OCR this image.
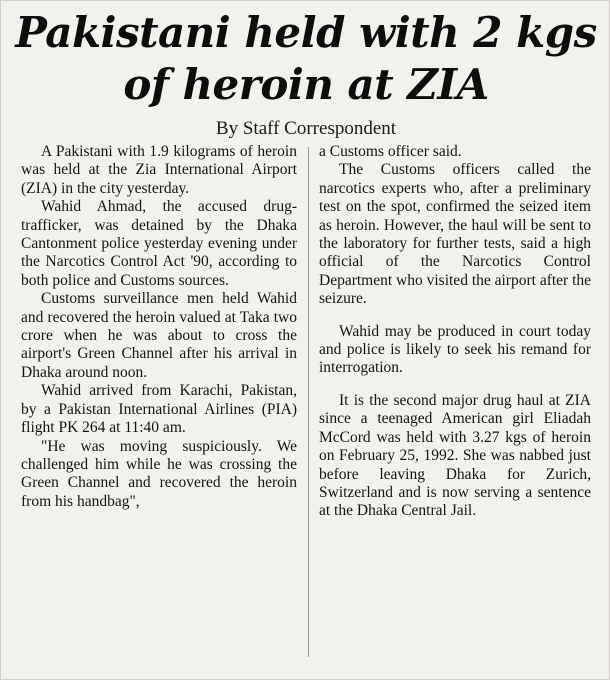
Pakistani held with 2 kgs
of heroin at ZIA
By Staff Correspondent

A Pakistani with 1.9 kilograms of heroin was held at the Zia International Airport (ZIA) in the city yesterday.

Wahid Ahmad, the accused drug-trafficker, was detained by the Dhaka Cantonment police yesterday evening under the Narcotics Control Act '90, according to both police and Customs sources.

Customs surveillance men held Wahid and recovered the heroin valued at Taka two crore when he was about to cross the airport's Green Channel after his arrival in Dhaka around noon.

Wahid arrived from Karachi, Pakistan, by a Pakistan International Airlines (PIA) flight PK 264 at 11:40 am.

"He was moving suspiciously. We challenged him while he was crossing the Green Channel and recovered the heroin from his handbag",

a Customs officer said.

The Customs officers called the narcotics experts who, after a preliminary test on the spot, confirmed the seized item as heroin. However, the haul will be sent to the laboratory for further tests, said a high official of the Narcotics Control Department who visited the airport after the seizure.

Wahid may be produced in court today and police is likely to seek his remand for interrogation.

It is the second major drug haul at ZIA since a teenaged American girl Eliadah McCord was held with 3.27 kgs of heroin on February 25, 1992. She was nabbed just before leaving Dhaka for Zurich, Switzerland and is now serving a sentence at the Dhaka Central Jail.
